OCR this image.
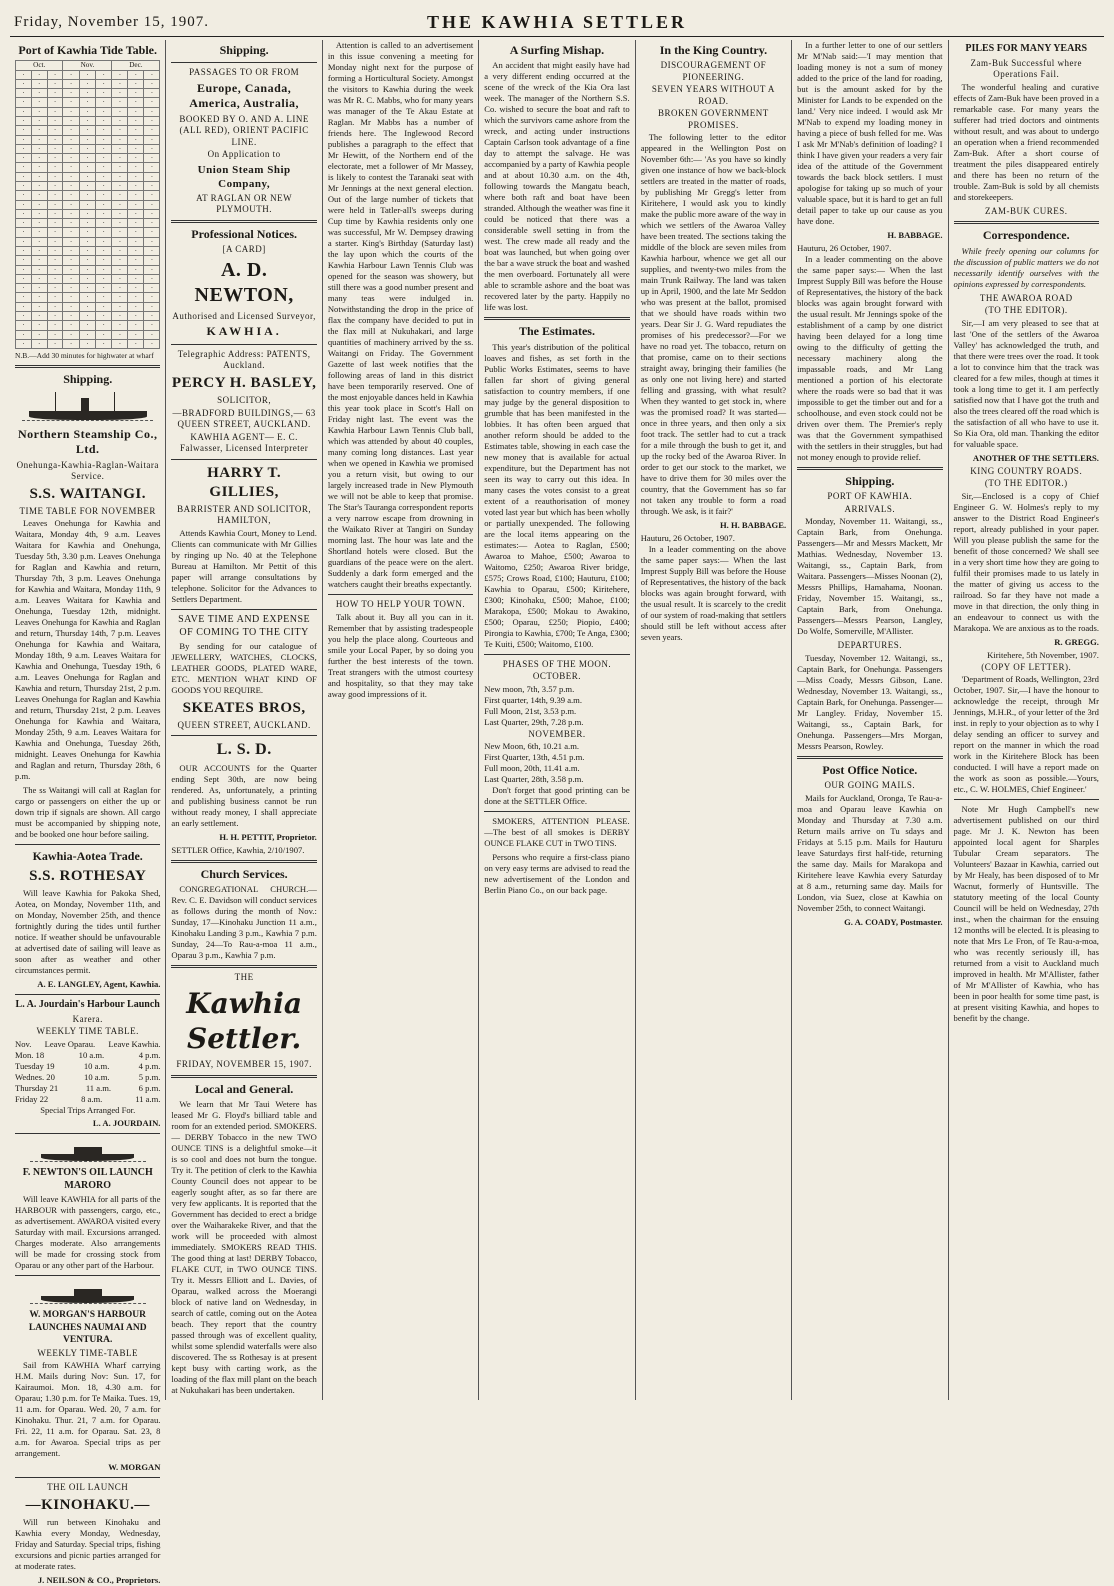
Friday, November 15, 1907.	THE KAWHIA SETTLER
Port of Kawhia Tide Table.
Oct.			Nov.			Dec.		
·	·	·	·	·	·	·	·	·
·	·	·	·	·	·	·	·	·
·	·	·	·	·	·	·	·	·
·	·	·	·	·	·	·	·	·
·	·	·	·	·	·	·	·	·
·	·	·	·	·	·	·	·	·
·	·	·	·	·	·	·	·	·
·	·	·	·	·	·	·	·	·
·	·	·	·	·	·	·	·	·
·	·	·	·	·	·	·	·	·
·	·	·	·	·	·	·	·	·
·	·	·	·	·	·	·	·	·
·	·	·	·	·	·	·	·	·
·	·	·	·	·	·	·	·	·
·	·	·	·	·	·	·	·	·
·	·	·	·	·	·	·	·	·
·	·	·	·	·	·	·	·	·
·	·	·	·	·	·	·	·	·
·	·	·	·	·	·	·	·	·
·	·	·	·	·	·	·	·	·
·	·	·	·	·	·	·	·	·
·	·	·	·	·	·	·	·	·
·	·	·	·	·	·	·	·	·
·	·	·	·	·	·	·	·	·
·	·	·	·	·	·	·	·	·
·	·	·	·	·	·	·	·	·
·	·	·	·	·	·	·	·	·
·	·	·	·	·	·	·	·	·
·	·	·	·	·	·	·	·	·
·	·	·	·	·	·	·	·	·
N.B.—Add 30 minutes for highwater at wharf
Shipping.
Northern Steamship Co., Ltd.
Onehunga-Kawhia-Raglan-Waitara Service.
S.S. WAITANGI.
TIME TABLE FOR NOVEMBER

Leaves Onehunga for Kawhia and Waitara, Monday 4th, 9 a.m. Leaves Waitara for Kawhia and Onehunga, Tuesday 5th, 3.30 p.m. Leaves Onehunga for Raglan and Kawhia and return, Thursday 7th, 3 p.m. Leaves Onehunga for Kawhia and Waitara, Monday 11th, 9 a.m. Leaves Waitara for Kawhia and Onehunga, Tuesday 12th, midnight. Leaves Onehunga for Kawhia and Raglan and return, Thursday 14th, 7 p.m. Leaves Onehunga for Kawhia and Waitara, Monday 18th, 9 a.m. Leaves Waitara for Kawhia and Onehunga, Tuesday 19th, 6 a.m. Leaves Onehunga for Raglan and Kawhia and return, Thursday 21st, 2 p.m. Leaves Onehunga for Raglan and Kawhia and return, Thursday 21st, 2 p.m. Leaves Onehunga for Kawhia and Waitara, Monday 25th, 9 a.m. Leaves Waitara for Kawhia and Onehunga, Tuesday 26th, midnight. Leaves Onehunga for Kawhia and Raglan and return, Thursday 28th, 6 p.m.

The ss Waitangi will call at Raglan for cargo or passengers on either the up or down trip if signals are shown. All cargo must be accompanied by shipping note, and be booked one hour before sailing.

Kawhia-Aotea Trade.
S.S. ROTHESAY

Will leave Kawhia for Pakoka Shed, Aotea, on Monday, November 11th, and on Monday, November 25th, and thence fortnightly during the tides until further notice. If weather should be unfavourable at advertised date of sailing will leave as soon after as weather and other circumstances permit.

A. E. LANGLEY, Agent, Kawhia.
L. A. Jourdain's Harbour Launch
Karera.
WEEKLY TIME TABLE.
Nov. Leave Oparau. Leave Kawhia.
Mon. 18	10 a.m.	4 p.m.
Tuesday 19	10 a.m.	4 p.m.
Wednes. 20	10 a.m.	5 p.m.
Thursday 21	11 a.m.	6 p.m.
Friday 22	8 a.m.	11 a.m.
Special Trips Arranged For.
L. A. JOURDAIN.
F. NEWTON'S OIL LAUNCH MARORO

Will leave KAWHIA for all parts of the HARBOUR with passengers, cargo, etc., as advertisement. AWAROA visited every Saturday with mail. Excursions arranged. Charges moderate. Also arrangements will be made for crossing stock from Oparau or any other part of the Harbour.

W. MORGAN'S HARBOUR LAUNCHES NAUMAI AND VENTURA.
WEEKLY TIME-TABLE

Sail from KAWHIA Wharf carrying H.M. Mails during Nov: Sun. 17, for Kairaumoi. Mon. 18, 4.30 a.m. for Oparau; 1.30 p.m. for Te Maika. Tues. 19, 11 a.m. for Oparau. Wed. 20, 7 a.m. for Kinohaku. Thur. 21, 7 a.m. for Oparau. Fri. 22, 11 a.m. for Oparau. Sat. 23, 8 a.m. for Awaroa. Special trips as per arrangement.

W. MORGAN
THE OIL LAUNCH
—KINOHAKU.—

Will run between Kinohaku and Kawhia every Monday, Wednesday, Friday and Saturday. Special trips, fishing excursions and picnic parties arranged for at moderate rates.

J. NEILSON & CO., Proprietors.
Shipping.
PASSAGES TO OR FROM
Europe, Canada, America, Australia,
BOOKED BY O. AND A. LINE (ALL RED), ORIENT PACIFIC LINE.
On Application to
Union Steam Ship Company,
AT RAGLAN OR NEW PLYMOUTH.
Professional Notices.
[A CARD]
A. D. NEWTON,
Authorised and Licensed Surveyor,
KAWHIA.
Telegraphic Address: PATENTS, Auckland.
PERCY H. BASLEY,
SOLICITOR,
—BRADFORD BUILDINGS,— 63 QUEEN STREET, AUCKLAND.
KAWHIA AGENT— E. C. Falwasser, Licensed Interpreter
HARRY T. GILLIES,
BARRISTER AND SOLICITOR, HAMILTON,

Attends Kawhia Court, Money to Lend. Clients can communicate with Mr Gillies by ringing up No. 40 at the Telephone Bureau at Hamilton. Mr Pettit of this paper will arrange consultations by telephone. Solicitor for the Advances to Settlers Department.

SAVE TIME AND EXPENSE OF COMING TO THE CITY

By sending for our catalogue of JEWELLERY, WATCHES, CLOCKS, LEATHER GOODS, PLATED WARE, ETC. MENTION WHAT KIND OF GOODS YOU REQUIRE.

SKEATES BROS,
QUEEN STREET, AUCKLAND.
L. S. D.

OUR ACCOUNTS for the Quarter ending Sept 30th, are now being rendered. As, unfortunately, a printing and publishing business cannot be run without ready money, I shall appreciate an early settlement.

H. H. PETTIT, Proprietor.
SETTLER Office, Kawhia, 2/10/1907.
Church Services.

CONGREGATIONAL CHURCH.—Rev. C. E. Davidson will conduct services as follows during the month of Nov.: Sunday, 17—Kinohaku Junction 11 a.m., Kinohaku Landing 3 p.m., Kawhia 7 p.m. Sunday, 24—To Rau-a-moa 11 a.m., Oparau 3 p.m., Kawhia 7 p.m.

THE
Kawhia Settler.
FRIDAY, NOVEMBER 15, 1907.
Local and General.

We learn that Mr Taui Wetere has leased Mr G. Floyd's billiard table and room for an extended period. SMOKERS. — DERBY Tobacco in the new TWO OUNCE TINS is a delightful smoke—it is so cool and does not burn the tongue. Try it. The petition of clerk to the Kawhia County Council does not appear to be eagerly sought after, as so far there are very few applicants. It is reported that the Government has decided to erect a bridge over the Waiharakeke River, and that the work will be proceeded with almost immediately. SMOKERS READ THIS. The good thing at last! DERBY Tobacco, FLAKE CUT, in TWO OUNCE TINS. Try it. Messrs Elliott and L. Davies, of Oparau, walked across the Moerangi block of native land on Wednesday, in search of cattle, coming out on the Aotea beach. They report that the country passed through was of excellent quality, whilst some splendid waterfalls were also discovered. The ss Rothesay is at present kept busy with carting work, as the loading of the flax mill plant on the beach at Nukuhakari has been undertaken.

Attention is called to an advertisement in this issue convening a meeting for Monday night next for the purpose of forming a Horticultural Society. Amongst the visitors to Kawhia during the week was Mr R. C. Mabbs, who for many years was manager of the Te Akau Estate at Raglan. Mr Mabbs has a number of friends here. The Inglewood Record publishes a paragraph to the effect that Mr Hewitt, of the Northern end of the electorate, met a follower of Mr Massey, is likely to contest the Taranaki seat with Mr Jennings at the next general election. Out of the large number of tickets that were held in Tatler-all's sweeps during Cup time by Kawhia residents only one was successful, Mr W. Dempsey drawing a starter. King's Birthday (Saturday last) the lay upon which the courts of the Kawhia Harbour Lawn Tennis Club was opened for the season was showery, but still there was a good number present and many teas were indulged in. Notwithstanding the drop in the price of flax the company have decided to put in the flax mill at Nukuhakari, and large quantities of machinery arrived by the ss. Waitangi on Friday. The Government Gazette of last week notifies that the following areas of land in this district have been temporarily reserved. One of the most enjoyable dances held in Kawhia this year took place in Scott's Hall on Friday night last. The event was the Kawhia Harbour Lawn Tennis Club ball, which was attended by about 40 couples, many coming long distances. Last year when we opened in Kawhia we promised you a return visit, but owing to our largely increased trade in New Plymouth we will not be able to keep that promise. The Star's Tauranga correspondent reports a very narrow escape from drowning in the Waikato River at Tangiri on Sunday morning last. The hour was late and the Shortland hotels were closed. But the guardians of the peace were on the alert. Suddenly a dark form emerged and the watchers caught their breaths expectantly.

HOW TO HELP YOUR TOWN.

Talk about it. Buy all you can in it. Remember that by assisting tradespeople you help the place along. Courteous and smile your Local Paper, by so doing you further the best interests of the town. Treat strangers with the utmost courtesy and hospitality, so that they may take away good impressions of it.

A Surfing Mishap.

An accident that might easily have had a very different ending occurred at the scene of the wreck of the Kia Ora last week. The manager of the Northern S.S. Co. wished to secure the boat and raft to which the survivors came ashore from the wreck, and acting under instructions Captain Carlson took advantage of a fine day to attempt the salvage. He was accompanied by a party of Kawhia people and at about 10.30 a.m. on the 4th, following towards the Mangatu beach, where both raft and boat have been stranded. Although the weather was fine it could be noticed that there was a considerable swell setting in from the west. The crew made all ready and the boat was launched, but when going over the bar a wave struck the boat and washed the men overboard. Fortunately all were able to scramble ashore and the boat was recovered later by the party. Happily no life was lost.

The Estimates.

This year's distribution of the political loaves and fishes, as set forth in the Public Works Estimates, seems to have fallen far short of giving general satisfaction to country members, if one may judge by the general disposition to grumble that has been manifested in the lobbies. It has often been argued that another reform should be added to the Estimates table, showing in each case the new money that is available for actual expenditure, but the Department has not seen its way to carry out this idea. In many cases the votes consist to a great extent of a reauthorisation of money voted last year but which has been wholly or partially unexpended. The following are the local items appearing on the estimates:— Aotea to Raglan, £500; Awaroa to Mahoe, £500; Awaroa to Waitomo, £250; Awaroa River bridge, £575; Crows Road, £100; Hauturu, £100; Kawhia to Oparau, £500; Kiritehere, £300; Kinohaku, £500; Mahoe, £100; Marakopa, £500; Mokau to Awakino, £500; Oparau, £250; Piopio, £400; Pirongia to Kawhia, £700; Te Anga, £300; Te Kuiti, £500; Waitomo, £100.

PHASES OF THE MOON.
OCTOBER.
New moon, 7th, 3.57 p.m.
First quarter, 14th, 9.39 a.m.
Full Moon, 21st, 3.53 p.m.
Last Quarter, 29th, 7.28 p.m.
NOVEMBER.
New Moon, 6th, 10.21 a.m.
First Quarter, 13th, 4.51 p.m.
Full moon, 20th, 11.41 a.m.
Last Quarter, 28th, 3.58 p.m.

Don't forget that good printing can be done at the SETTLER Office.

SMOKERS, ATTENTION PLEASE. —The best of all smokes is DERBY OUNCE FLAKE CUT in TWO TINS.

Persons who require a first-class piano on very easy terms are advised to read the new advertisement of the London and Berlin Piano Co., on our back page.

In the King Country.
DISCOURAGEMENT OF PIONEERING.
SEVEN YEARS WITHOUT A ROAD.
BROKEN GOVERNMENT PROMISES.

The following letter to the editor appeared in the Wellington Post on November 6th:— 'As you have so kindly given one instance of how we back-block settlers are treated in the matter of roads, by publishing Mr Gregg's letter from Kiritehere, I would ask you to kindly make the public more aware of the way in which we settlers of the Awaroa Valley have been treated. The sections taking the middle of the block are seven miles from Kawhia harbour, whence we get all our supplies, and twenty-two miles from the main Trunk Railway. The land was taken up in April, 1900, and the late Mr Seddon who was present at the ballot, promised that we should have roads within two years. Dear Sir J. G. Ward repudiates the promises of his predecessor?—For we have no road yet. The tobacco, return on that promise, came on to their sections straight away, bringing their families (he as only one not living here) and started felling and grassing, with what result? When they wanted to get stock in, where was the promised road? It was started—once in three years, and then only a six foot track. The settler had to cut a track for a mile through the bush to get it, and up the rocky bed of the Awaroa River. In order to get our stock to the market, we have to drive them for 30 miles over the country, that the Government has so far not taken any trouble to form a road through. We ask, is it fair?'

H. H. BABBAGE.
Hauturu, 26 October, 1907.

In a leader commenting on the above the same paper says:— When the last Imprest Supply Bill was before the House of Representatives, the history of the back blocks was again brought forward, with the usual result. It is scarcely to the credit of our system of road-making that settlers should still be left without access after seven years.

In a further letter to one of our settlers Mr M'Nab said:—'I may mention that loading money is not a sum of money added to the price of the land for roading, but is the amount asked for by the Minister for Lands to be expended on the land.' Very nice indeed. I would ask Mr M'Nab to expend my loading money in having a piece of bush felled for me. Was I ask Mr M'Nab's definition of loading? I think I have given your readers a very fair idea of the attitude of the Government towards the back block settlers. I must apologise for taking up so much of your valuable space, but it is hard to get an full detail paper to take up our cause as you have done.

H. BABBAGE.
Hauturu, 26 October, 1907.

In a leader commenting on the above the same paper says:— When the last Imprest Supply Bill was before the House of Representatives, the history of the back blocks was again brought forward with the usual result. Mr Jennings spoke of the establishment of a camp by one district having been delayed for a long time owing to the difficulty of getting the necessary machinery along the impassable roads, and Mr Lang mentioned a portion of his electorate where the roads were so bad that it was impossible to get the timber out and for a schoolhouse, and even stock could not be driven over them. The Premier's reply was that the Government sympathised with the settlers in their struggles, but had not money enough to provide relief.

Shipping.
PORT OF KAWHIA.
ARRIVALS.

Monday, November 11. Waitangi, ss., Captain Bark, from Onehunga. Passengers—Mr and Messrs Mackett, Mr Mathias. Wednesday, November 13. Waitangi, ss., Captain Bark, from Waitara. Passengers—Misses Noonan (2), Messrs Phillips, Hamahama, Noonan. Friday, November 15. Waitangi, ss., Captain Bark, from Onehunga. Passengers—Messrs Pearson, Langley, Do Wolfe, Somerville, M'Allister.

DEPARTURES.

Tuesday, November 12. Waitangi, ss., Captain Bark, for Onehunga. Passengers—Miss Coady, Messrs Gibson, Lane. Wednesday, November 13. Waitangi, ss., Captain Bark, for Onehunga. Passenger—Mr Langley. Friday, November 15. Waitangi, ss., Captain Bark, for Onehunga. Passengers—Mrs Morgan, Messrs Pearson, Rowley.

Post Office Notice.
OUR GOING MAILS.

Mails for Auckland, Oronga, Te Rau-a-moa and Oparau leave Kawhia on Monday and Thursday at 7.30 a.m. Return mails arrive on Tu sdays and Fridays at 5.15 p.m. Mails for Hauturu leave Saturdays first half-tide, returning the same day. Mails for Marakopa and Kiritehere leave Kawhia every Saturday at 8 a.m., returning same day. Mails for London, via Suez, close at Kawhia on November 25th, to connect Waitangi.

G. A. COADY, Postmaster.
PILES FOR MANY YEARS
Zam-Buk Successful where Operations Fail.

The wonderful healing and curative effects of Zam-Buk have been proved in a remarkable case. For many years the sufferer had tried doctors and ointments without result, and was about to undergo an operation when a friend recommended Zam-Buk. After a short course of treatment the piles disappeared entirely and there has been no return of the trouble. Zam-Buk is sold by all chemists and storekeepers.

ZAM-BUK CURES.
Correspondence.

While freely opening our columns for the discussion of public matters we do not necessarily identify ourselves with the opinions expressed by correspondents.

THE AWAROA ROAD
(TO THE EDITOR).

Sir,—I am very pleased to see that at last 'One of the settlers of the Awaroa Valley' has acknowledged the truth, and that there were trees over the road. It took a lot to convince him that the track was cleared for a few miles, though at times it took a long time to get it. I am perfectly satisfied now that I have got the truth and also the trees cleared off the road which is the satisfaction of all who have to use it. So Kia Ora, old man. Thanking the editor for valuable space.

ANOTHER OF THE SETTLERS.
KING COUNTRY ROADS.
(TO THE EDITOR.)

Sir,—Enclosed is a copy of Chief Engineer G. W. Holmes's reply to my answer to the District Road Engineer's report, already published in your paper. Will you please publish the same for the benefit of those concerned? We shall see in a very short time how they are going to fulfil their promises made to us lately in the matter of giving us access to the railroad. So far they have not made a move in that direction, the only thing in an endeavour to connect us with the Marakopa. We are anxious as to the roads.

R. GREGG.
Kiritehere, 5th November, 1907.
(COPY OF LETTER).

'Department of Roads, Wellington, 23rd October, 1907. Sir,—I have the honour to acknowledge the receipt, through Mr Jennings, M.H.R., of your letter of the 3rd inst. in reply to your objection as to why I delay sending an officer to survey and report on the manner in which the road work in the Kiritehere Block has been conducted. I will have a report made on the work as soon as possible.—Yours, etc., C. W. HOLMES, Chief Engineer.'

Note Mr Hugh Campbell's new advertisement published on our third page. Mr J. K. Newton has been appointed local agent for Sharples Tubular Cream separators. The Volunteers' Bazaar in Kawhia, carried out by Mr Healy, has been disposed of to Mr Wacnut, formerly of Huntsville. The statutory meeting of the local County Council will be held on Wednesday, 27th inst., when the chairman for the ensuing 12 months will be elected. It is pleasing to note that Mrs Le Fron, of Te Rau-a-moa, who was recently seriously ill, has returned from a visit to Auckland much improved in health. Mr M'Allister, father of Mr M'Allister of Kawhia, who has been in poor health for some time past, is at present visiting Kawhia, and hopes to benefit by the change.
